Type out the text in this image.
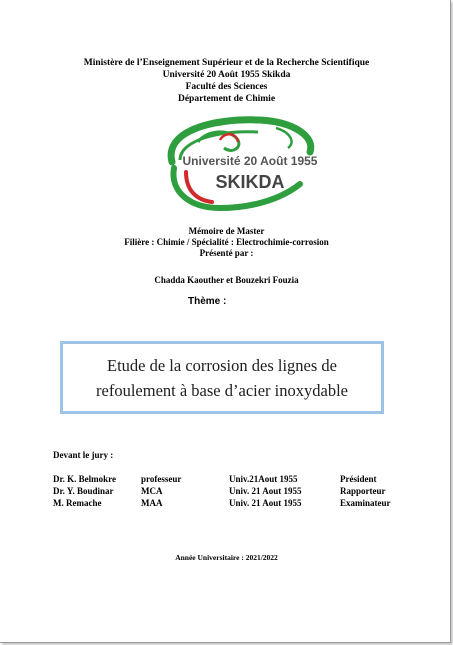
Ministère de l’Enseignement Supérieur et de la Recherche Scientifique
Université 20 Août 1955 Skikda
Faculté des Sciences
Département de Chimie
Université 20 Août 1955
SKIKDA
Mémoire de Master
Filière : Chimie / Spécialité : Electrochimie-corrosion
Présenté par :
Chadda Kaouther et Bouzekri Fouzia
Thème :
Etude de la corrosion des lignes de refoulement à base d’acier inoxydable
Devant le jury :
Dr. K. Belmokre	professeur	Univ.21Aout 1955	Président
Dr. Y. Boudinar	MCA	Univ. 21 Aout 1955	Rapporteur
M. Remache	MAA	Univ. 21 Aout 1955	Examinateur
Année Universitaire : 2021/2022
